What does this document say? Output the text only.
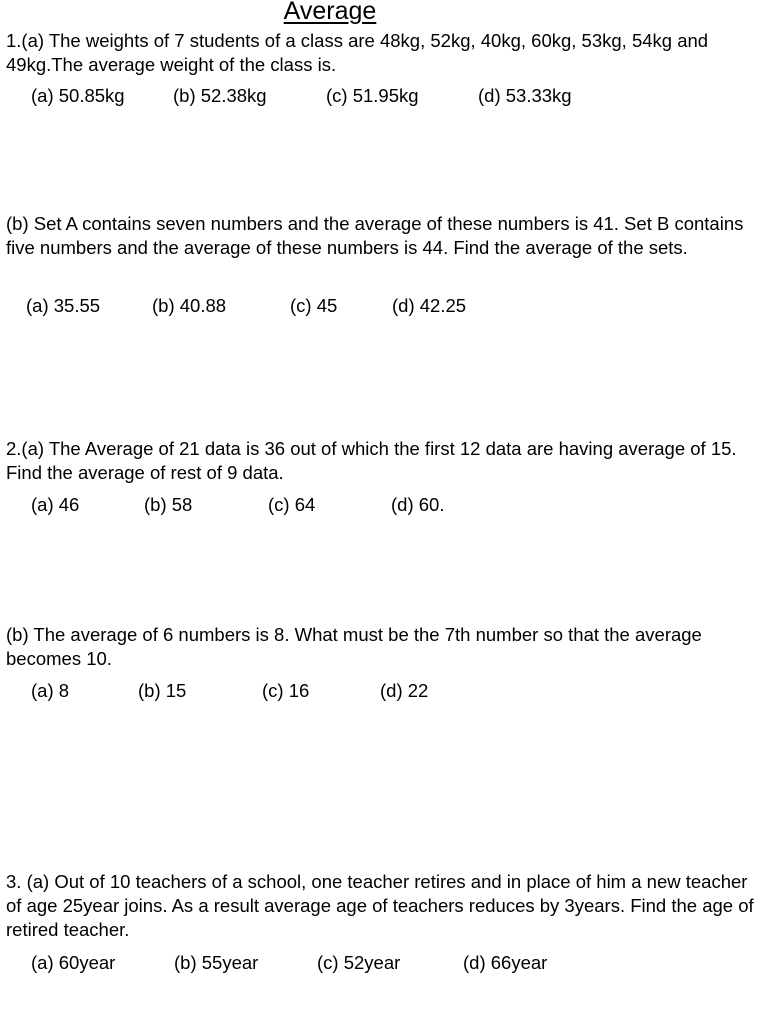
Average
1.(a) The weights of 7 students of a class are 48kg, 52kg, 40kg, 60kg, 53kg, 54kg and 49kg.The average weight of the class is.
(a) 50.85kg	(b) 52.38kg	(c) 51.95kg	(d) 53.33kg
(b) Set A contains seven numbers and the average of these numbers is 41. Set B contains five numbers and the average of these numbers is 44. Find the average of the sets.
(a) 35.55	(b) 40.88	(c) 45	(d) 42.25
2.(a) The Average of 21 data is 36 out of which the first 12 data are having average of 15. Find the average of rest of 9 data.
(a) 46	(b) 58	(c) 64	(d) 60.
(b) The average of 6 numbers is 8. What must be the 7th number so that the average becomes 10.
(a) 8	(b) 15	(c) 16	(d) 22
3. (a) Out of 10 teachers of a school, one teacher retires and in place of him a new teacher of age 25year joins. As a result average age of teachers reduces by 3years. Find the age of retired teacher.
(a) 60year	(b) 55year	(c) 52year	(d) 66year
